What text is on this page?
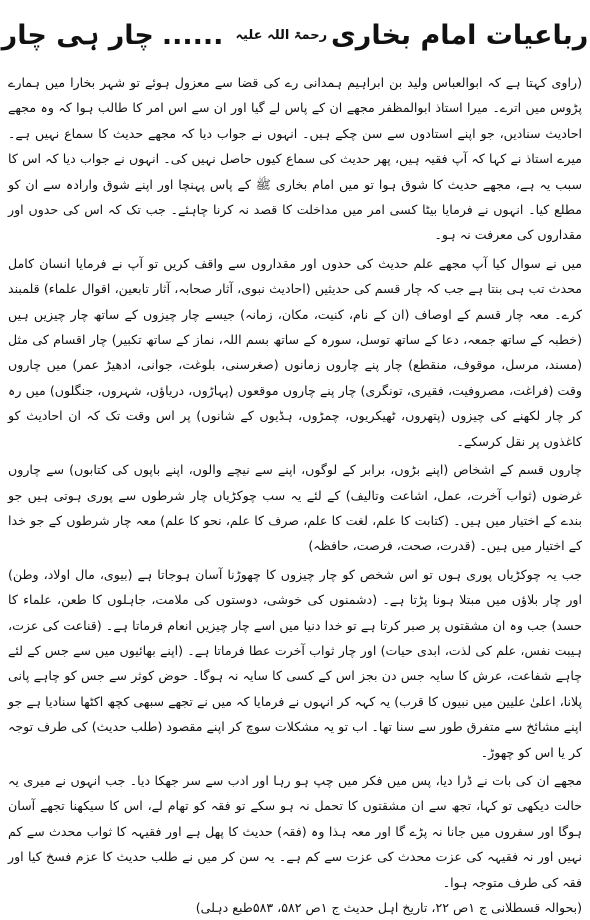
رباعیات امام بخاری
رحمۃ اللہ علیہ
......
چار ہی چار

(راوی کہتا ہے کہ ابوالعباس ولید بن ابراہیم ہمدانی رے کی قضا سے معزول ہوئے تو شہر بخارا میں ہمارے پڑوس میں اترے۔ میرا استاذ ابوالمظفر مجھے ان کے پاس لے گیا اور ان سے اس امر کا طالب ہوا کہ وہ مجھے احادیث سنادیں، جو اپنے استادوں سے سن چکے ہیں۔ انہوں نے جواب دیا کہ مجھے حدیث کا سماع نہیں ہے۔ میرے استاذ نے کہا کہ آپ فقیہ ہیں، پھر حدیث کی سماع کیوں حاصل نہیں کی۔ انہوں نے جواب دیا کہ اس کا سبب یہ ہے، مجھے حدیث کا شوق ہوا تو میں امام بخاری ﷺ کے پاس پہنچا اور اپنے شوق وارادہ سے ان کو مطلع کیا۔ انہوں نے فرمایا بیٹا کسی امر میں مداخلت کا قصد نہ کرنا چاہئے۔ جب تک کہ اس کی حدوں اور مقداروں کی معرفت نہ ہو۔

میں نے سوال کیا آپ مجھے علم حدیث کی حدوں اور مقداروں سے واقف کریں تو آپ نے فرمایا انسان کامل محدث تب ہی بنتا ہے جب کہ چار قسم کی حدیثیں (احادیث نبوی، آثار صحابہ، آثار تابعین، اقوال علماء) قلمبند کرے۔ معہ چار قسم کے اوصاف (ان کے نام، کنیت، مکان، زمانہ) جیسے چار چیزوں کے ساتھ چار چیزیں ہیں (خطبہ کے ساتھ جمعہ، دعا کے ساتھ توسل، سورہ کے ساتھ بسم اللہ، نماز کے ساتھ تکبیر) چار اقسام کی مثل (مسند، مرسل، موقوف، منقطع) چار پنے چاروں زمانوں (صغرسنی، بلوغت، جوانی، ادھیڑ عمر) میں چاروں وقت (فراغت، مصروفیت، فقیری، تونگری) چار پنے چاروں موقعوں (پہاڑوں، دریاؤں، شہروں، جنگلوں) میں رہ کر چار لکھنے کی چیزوں (پتھروں، ٹھیکریوں، چمڑوں، ہڈیوں کے شانوں) پر اس وقت تک کہ ان احادیث کو کاغذوں پر نقل کرسکے۔

چاروں قسم کے اشخاص (اپنے بڑوں، برابر کے لوگوں، اپنے سے نیچے والوں، اپنے باپوں کی کتابوں) سے چاروں غرضوں (ثواب آخرت، عمل، اشاعت وتالیف) کے لئے یہ سب چوکڑیاں چار شرطوں سے پوری ہوتی ہیں جو بندے کے اختیار میں ہیں۔ (کتابت کا علم، لغت کا علم، صرف کا علم، نحو کا علم) معہ چار شرطوں کے جو خدا کے اختیار میں ہیں۔ (قدرت، صحت، فرصت، حافظہ)

جب یہ چوکڑیاں پوری ہوں تو اس شخص کو چار چیزوں کا چھوڑنا آسان ہوجاتا ہے (بیوی، مال اولاد، وطن) اور چار بلاؤں میں مبتلا ہونا پڑتا ہے۔ (دشمنوں کی خوشی، دوستوں کی ملامت، جاہلوں کا طعن، علماء کا حسد) جب وہ ان مشقتوں پر صبر کرتا ہے تو خدا دنیا میں اسے چار چیزیں انعام فرماتا ہے۔ (قناعت کی عزت، ہیبت نفس، علم کی لذت، ابدی حیات) اور چار ثواب آخرت عطا فرماتا ہے۔ (اپنے بھائیوں میں سے جس کے لئے چاہے شفاعت، عرش کا سایہ جس دن بجز اس کے کسی کا سایہ نہ ہوگا۔ حوض کوثر سے جس کو چاہے پانی پلانا، اعلیٰ علیین میں نبیوں کا قرب) یہ کہہ کر انہوں نے فرمایا کہ میں نے تجھے سبھی کچھ اکٹھا سنادیا ہے جو اپنے مشائخ سے متفرق طور سے سنا تھا۔ اب تو یہ مشکلات سوچ کر اپنے مقصود (طلب حدیث) کی طرف توجہ کر یا اس کو چھوڑ۔

مجھے ان کی بات نے ڈرا دیا، پس میں فکر میں چپ ہو رہا اور ادب سے سر جھکا دیا۔ جب انہوں نے میری یہ حالت دیکھی تو کہا، تجھ سے ان مشقتوں کا تحمل نہ ہو سکے تو فقہ کو تھام لے، اس کا سیکھنا تجھے آسان ہوگا اور سفروں میں جانا نہ پڑے گا اور معہ ہذا وہ (فقہ) حدیث کا پھل ہے اور فقیہہ کا ثواب محدث سے کم نہیں اور نہ فقیہہ کی عزت محدث کی عزت سے کم ہے۔ یہ سن کر میں نے طلب حدیث کا عزم فسخ کیا اور فقہ کی طرف متوجہ ہوا۔

(بحوالہ قسطلانی ج ۱ص ۲۲، تاریخ اہل حدیث ج ۱ص ۵۸۲، ۵۸۳طبع دہلی)
